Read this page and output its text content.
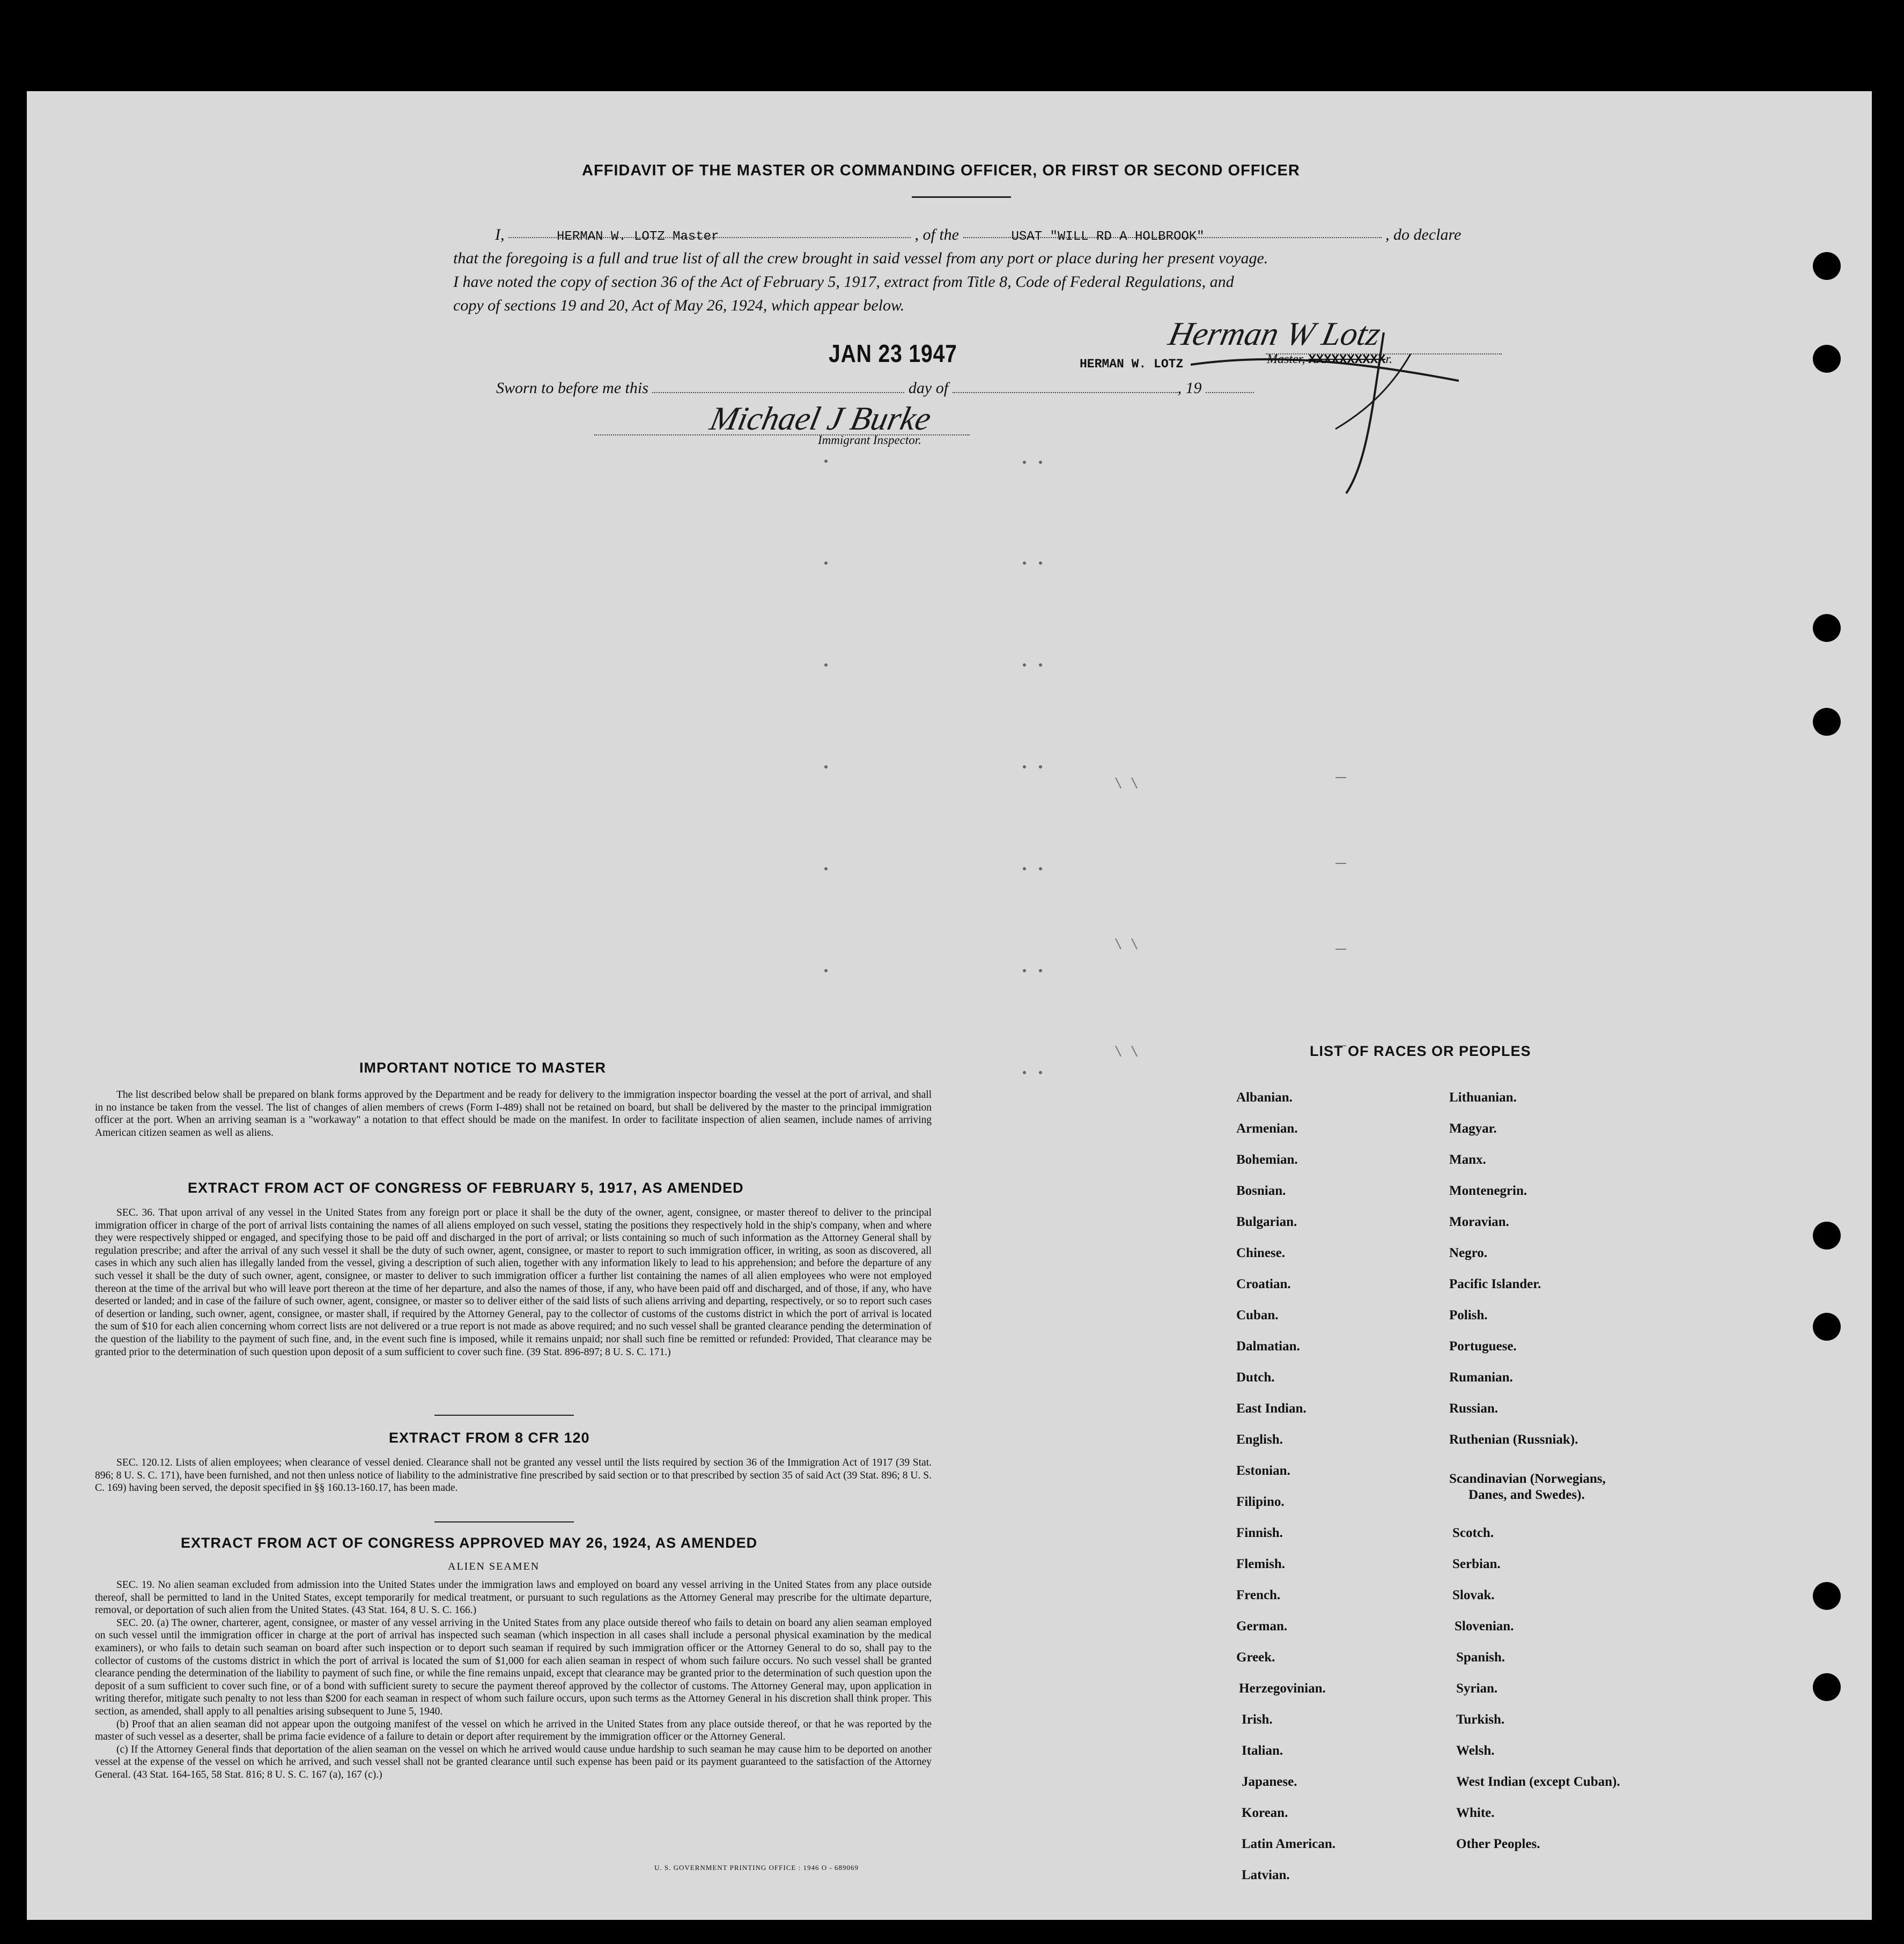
AFFIDAVIT OF THE MASTER OR COMMANDING OFFICER, OR FIRST OR SECOND OFFICER
I,	HERMAN W. LOTZ Master	, of the	USAT "WILL RD A HOLBROOK"	, do declare
that the foregoing is a full and true list of all the crew brought in said vessel from any port or place during her present voyage.
I have noted the copy of section 36 of the Act of February 5, 1917, extract from Title 8, Code of Federal Regulations, and
copy of sections 19 and 20, Act of May 26, 1924, which appear below.
JAN 23 1947
Herman W Lotz
HERMAN W. LOTZ	Master, XXXXXXXXXXr.
Sworn to before me this	day of	, 19
Michael J Burke
Immigrant Inspector.
IMPORTANT NOTICE TO MASTER

The list described below shall be prepared on blank forms approved by the Department and be ready for delivery to the immigration inspector boarding the vessel at the port of arrival, and shall in no instance be taken from the vessel. The list of changes of alien members of crews (Form I-489) shall not be retained on board, but shall be delivered by the master to the principal immigration officer at the port. When an arriving seaman is a "workaway" a notation to that effect should be made on the manifest. In order to facilitate inspection of alien seamen, include names of arriving American citizen seamen as well as aliens.

EXTRACT FROM ACT OF CONGRESS OF FEBRUARY 5, 1917, AS AMENDED

SEC. 36. That upon arrival of any vessel in the United States from any foreign port or place it shall be the duty of the owner, agent, consignee, or master thereof to deliver to the principal immigration officer in charge of the port of arrival lists containing the names of all aliens employed on such vessel, stating the positions they respectively hold in the ship's company, when and where they were respectively shipped or engaged, and specifying those to be paid off and discharged in the port of arrival; or lists containing so much of such information as the Attorney General shall by regulation prescribe; and after the arrival of any such vessel it shall be the duty of such owner, agent, consignee, or master to report to such immigration officer, in writing, as soon as discovered, all cases in which any such alien has illegally landed from the vessel, giving a description of such alien, together with any information likely to lead to his apprehension; and before the departure of any such vessel it shall be the duty of such owner, agent, consignee, or master to deliver to such immigration officer a further list containing the names of all alien employees who were not employed thereon at the time of the arrival but who will leave port thereon at the time of her departure, and also the names of those, if any, who have been paid off and discharged, and of those, if any, who have deserted or landed; and in case of the failure of such owner, agent, consignee, or master so to deliver either of the said lists of such aliens arriving and departing, respectively, or so to report such cases of desertion or landing, such owner, agent, consignee, or master shall, if required by the Attorney General, pay to the collector of customs of the customs district in which the port of arrival is located the sum of $10 for each alien concerning whom correct lists are not delivered or a true report is not made as above required; and no such vessel shall be granted clearance pending the determination of the question of the liability to the payment of such fine, and, in the event such fine is imposed, while it remains unpaid; nor shall such fine be remitted or refunded: Provided, That clearance may be granted prior to the determination of such question upon deposit of a sum sufficient to cover such fine. (39 Stat. 896-897; 8 U. S. C. 171.)

EXTRACT FROM 8 CFR 120

SEC. 120.12. Lists of alien employees; when clearance of vessel denied. Clearance shall not be granted any vessel until the lists required by section 36 of the Immigration Act of 1917 (39 Stat. 896; 8 U. S. C. 171), have been furnished, and not then unless notice of liability to the administrative fine prescribed by said section or to that prescribed by section 35 of said Act (39 Stat. 896; 8 U. S. C. 169) having been served, the deposit specified in §§ 160.13-160.17, has been made.

EXTRACT FROM ACT OF CONGRESS APPROVED MAY 26, 1924, AS AMENDED
ALIEN SEAMEN

SEC. 19. No alien seaman excluded from admission into the United States under the immigration laws and employed on board any vessel arriving in the United States from any place outside thereof, shall be permitted to land in the United States, except temporarily for medical treatment, or pursuant to such regulations as the Attorney General may prescribe for the ultimate departure, removal, or deportation of such alien from the United States. (43 Stat. 164, 8 U. S. C. 166.)

SEC. 20. (a) The owner, charterer, agent, consignee, or master of any vessel arriving in the United States from any place outside thereof who fails to detain on board any alien seaman employed on such vessel until the immigration officer in charge at the port of arrival has inspected such seaman (which inspection in all cases shall include a personal physical examination by the medical examiners), or who fails to detain such seaman on board after such inspection or to deport such seaman if required by such immigration officer or the Attorney General to do so, shall pay to the collector of customs of the customs district in which the port of arrival is located the sum of $1,000 for each alien seaman in respect of whom such failure occurs. No such vessel shall be granted clearance pending the determination of the liability to payment of such fine, or while the fine remains unpaid, except that clearance may be granted prior to the determination of such question upon the deposit of a sum sufficient to cover such fine, or of a bond with sufficient surety to secure the payment thereof approved by the collector of customs. The Attorney General may, upon application in writing therefor, mitigate such penalty to not less than $200 for each seaman in respect of whom such failure occurs, upon such terms as the Attorney General in his discretion shall think proper. This section, as amended, shall apply to all penalties arising subsequent to June 5, 1940.

(b) Proof that an alien seaman did not appear upon the outgoing manifest of the vessel on which he arrived in the United States from any place outside thereof, or that he was reported by the master of such vessel as a deserter, shall be prima facie evidence of a failure to detain or deport after requirement by the immigration officer or the Attorney General.

(c) If the Attorney General finds that deportation of the alien seaman on the vessel on which he arrived would cause undue hardship to such seaman he may cause him to be deported on another vessel at the expense of the vessel on which he arrived, and such vessel shall not be granted clearance until such expense has been paid or its payment guaranteed to the satisfaction of the Attorney General. (43 Stat. 164-165, 58 Stat. 816; 8 U. S. C. 167 (a), 167 (c).)

U. S. GOVERNMENT PRINTING OFFICE : 1946 O - 689069
LIST OF RACES OR PEOPLES
Albanian.
Armenian.
Bohemian.
Bosnian.
Bulgarian.
Chinese.
Croatian.
Cuban.
Dalmatian.
Dutch.
East Indian.
English.
Estonian.
Filipino.
Finnish.
Flemish.
French.
German.
Greek.
Herzegovinian.
Irish.
Italian.
Japanese.
Korean.
Latin American.
Latvian.
Lithuanian.
Magyar.
Manx.
Montenegrin.
Moravian.
Negro.
Pacific Islander.
Polish.
Portuguese.
Rumanian.
Russian.
Ruthenian (Russniak).
Scandinavian (Norwegians,
Danes, and Swedes).
Scotch.
Serbian.
Slovak.
Slovenian.
Spanish.
Syrian.
Turkish.
Welsh.
West Indian (except Cuban).
White.
Other Peoples.
